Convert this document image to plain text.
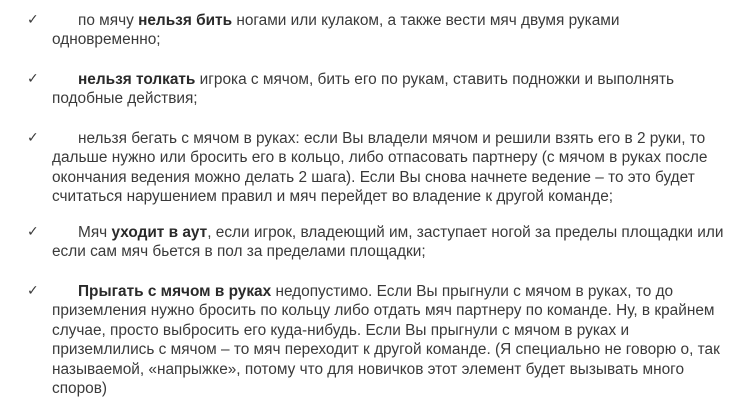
✓	по мячу нельзя бить ногами или кулаком, а также вести мяч двумя руками
одновременно;

✓	нельзя толкать игрока с мячом, бить его по рукам, ставить подножки и выполнять
подобные действия;

✓	нельзя бегать с мячом в руках: если Вы владели мячом и решили взять его в 2 руки, то
дальше нужно или бросить его в кольцо, либо отпасовать партнеру (с мячом в руках после
окончания ведения можно делать 2 шага). Если Вы снова начнете ведение – то это будет
считаться нарушением правил и мяч перейдет во владение к другой команде;

✓	Мяч уходит в аут, если игрок, владеющий им, заступает ногой за пределы площадки или
если сам мяч бьется в пол за пределами площадки;

✓	Прыгать с мячом в руках недопустимо. Если Вы прыгнули с мячом в руках, то до
приземления нужно бросить по кольцу либо отдать мяч партнеру по команде. Ну, в крайнем
случае, просто выбросить его куда-нибудь. Если Вы прыгнули с мячом в руках и
приземлились с мячом – то мяч переходит к другой команде. (Я специально не говорю о, так
называемой, «напрыжке», потому что для новичков этот элемент будет вызывать много
споров)
